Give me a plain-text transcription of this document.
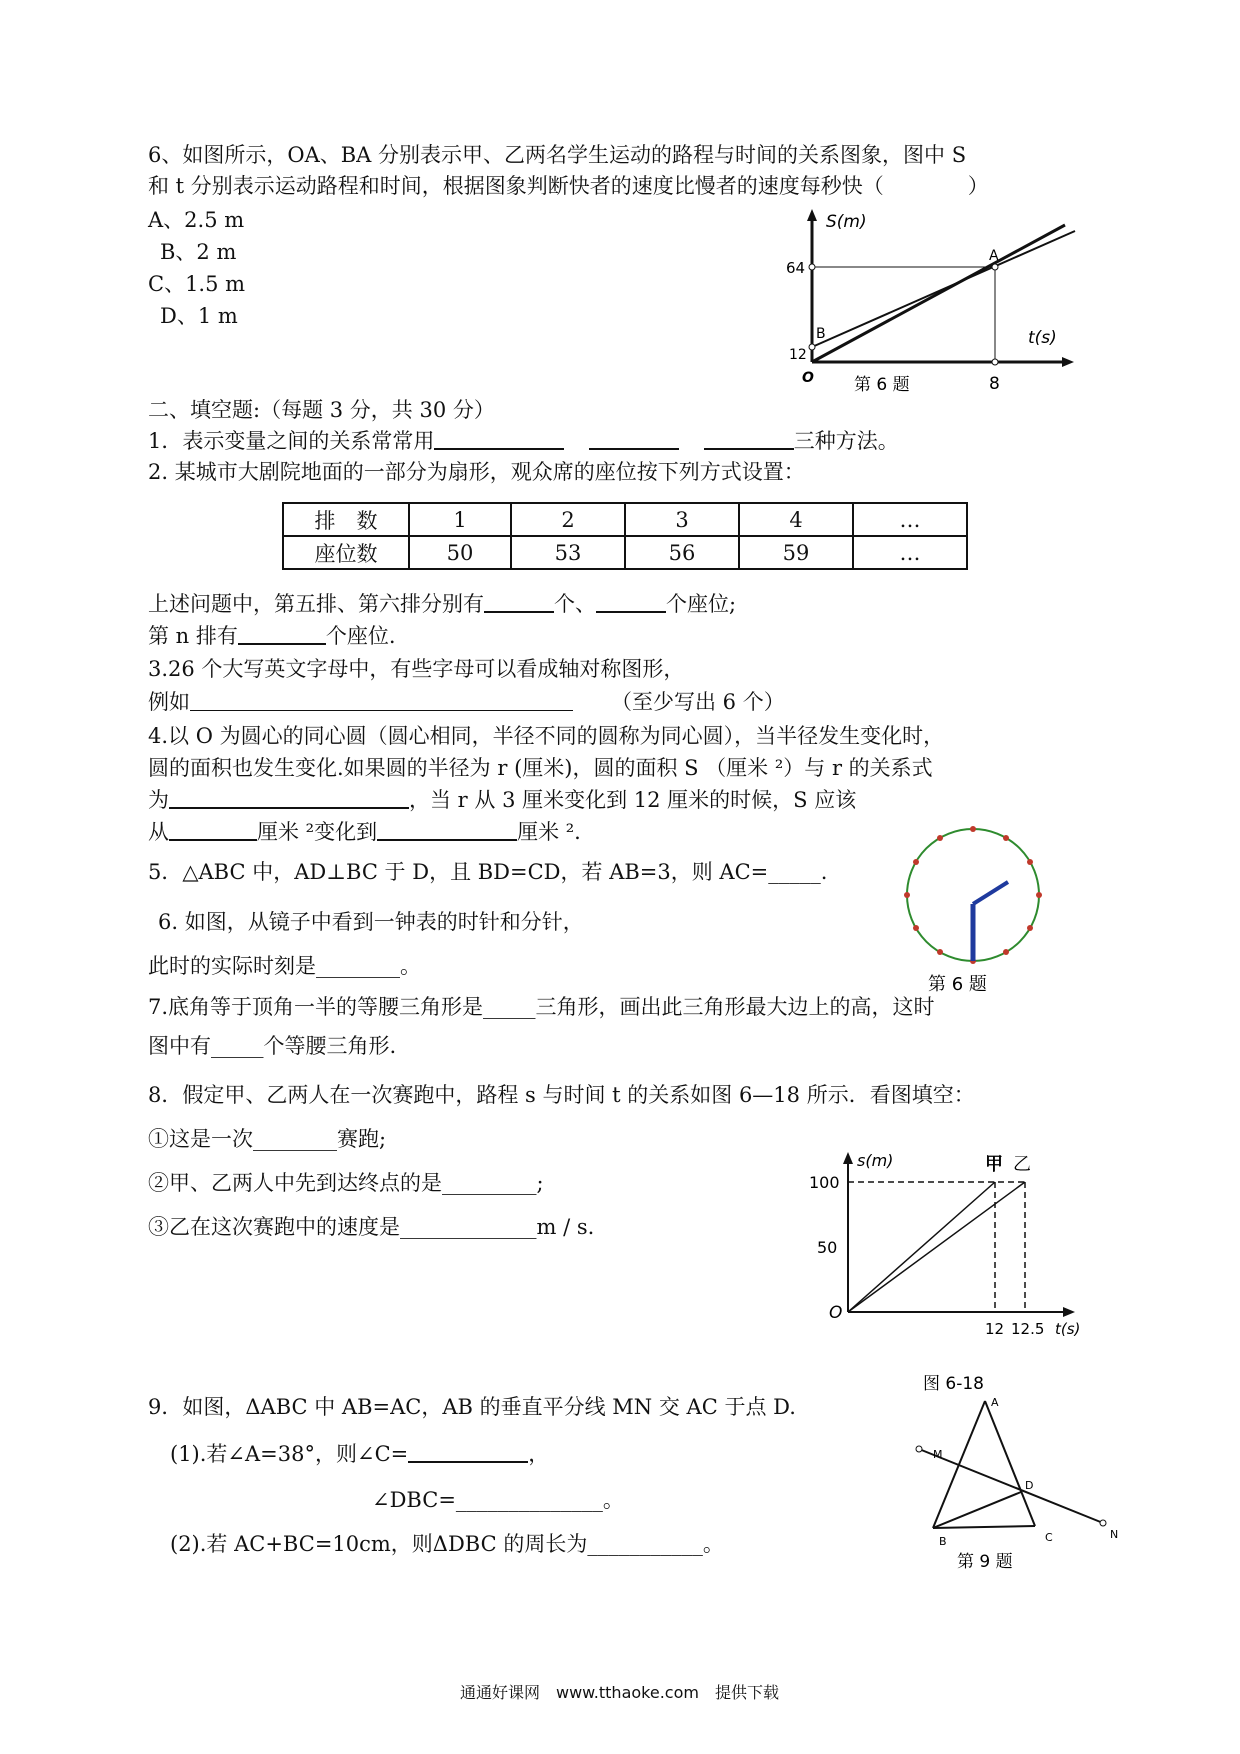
6、如图所示，OA、BA 分别表示甲、乙两名学生运动的路程与时间的关系图象，图中 S
和 t 分别表示运动路程和时间，根据图象判断快者的速度比慢者的速度每秒快（　　　　）
A、2.5 m
B、2 m
C、1.5 m
D、1 m
S(m)
t(s)
64
12
B
A
O	8
第 6 题
二、填空题:（每题 3 分，共 30 分）
1．表示变量之间的关系常常用	三种方法。
2. 某城市大剧院地面的一部分为扇形，观众席的座位按下列方式设置：
排　数	1	2	3	4	…
座位数	50	53	56	59	…
上述问题中，第五排、第六排分别有	个、	个座位;
第 n 排有	个座位.
3.26 个大写英文字母中，有些字母可以看成轴对称图形，
例如	（至少写出 6 个）
4.以 O 为圆心的同心圆（圆心相同，半径不同的圆称为同心圆），当半径发生变化时，
圆的面积也发生变化.如果圆的半径为 r (厘米)，圆的面积 S （厘米 ²）与 r 的关系式
为	，当 r 从 3 厘米变化到 12 厘米的时候，S 应该
从	厘米 ²变化到	厘米 ².
5．△ABC 中，AD⊥BC 于 D，且 BD=CD，若 AB=3，则 AC=_____.
6. 如图，从镜子中看到一钟表的时针和分针，
此时的实际时刻是________。
第 6 题
7.底角等于顶角一半的等腰三角形是_____三角形，画出此三角形最大边上的高，这时
图中有_____个等腰三角形.
8．假定甲、乙两人在一次赛跑中，路程 s 与时间 t 的关系如图 6—18 所示．看图填空：
①这是一次________赛跑;
②甲、乙两人中先到达终点的是_________;
③乙在这次赛跑中的速度是_____________m / s.
s(m)	甲 乙
100
50
O
12 12.5 t(s)
9．如图，ΔABC 中 AB=AC，AB 的垂直平分线 MN 交 AC 于点 D.
(1).若∠A=38°，则∠C=	，
∠DBC=______________。
(2).若 AC+BC=10cm，则ΔDBC 的周长为___________。
图 6-18
A
M
D
B	C	N
第 9 题
通通好课网　www.tthaoke.com　提供下载
